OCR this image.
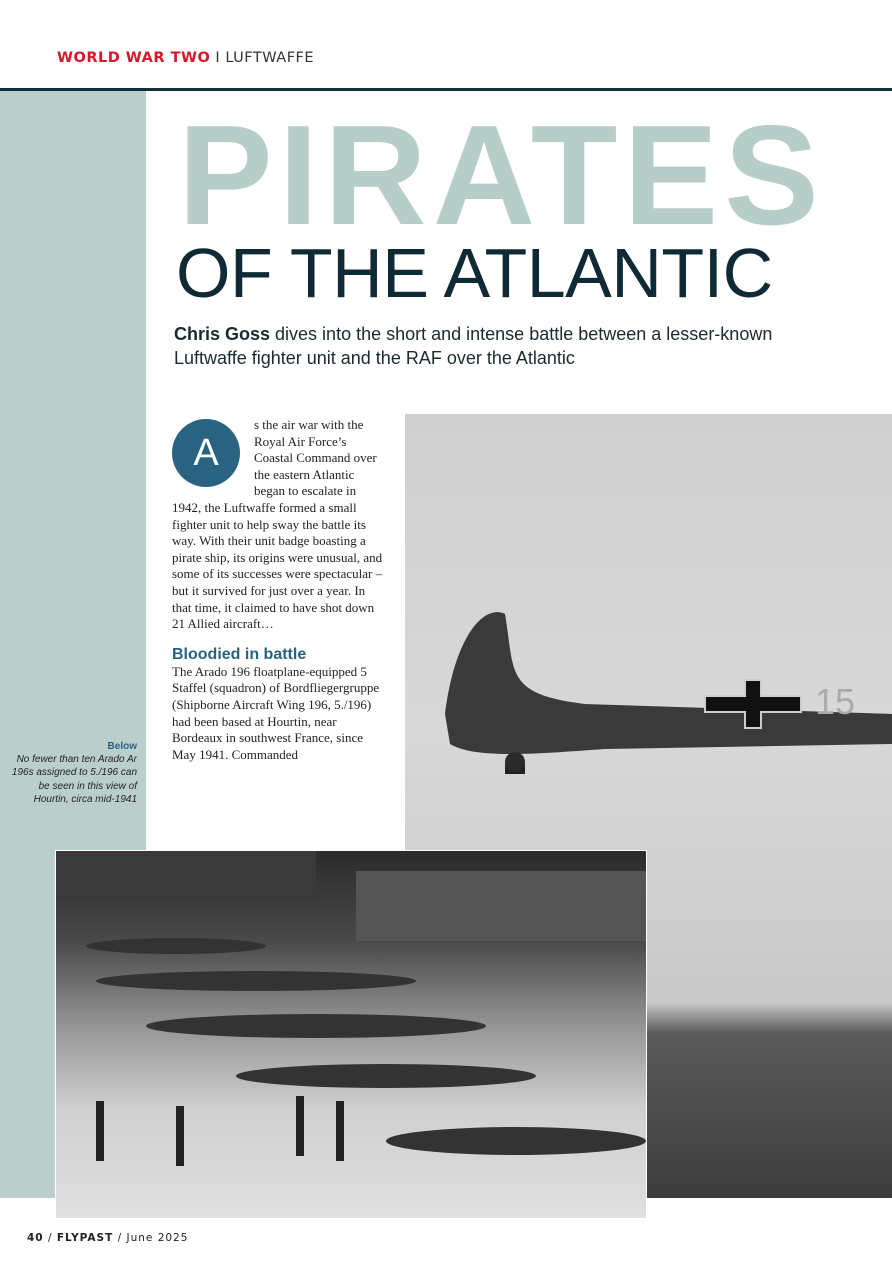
WORLD WAR TWO I LUFTWAFFE
PIRATES
OF THE ATLANTIC
Chris Goss dives into the short and intense battle between a lesser-known Luftwaffe fighter unit and the RAF over the Atlantic
15
A
s the air war with the Royal Air Force’s Coastal Command over the eastern Atlantic began to escalate in 1942, the Luftwaffe formed a small fighter unit to help sway the battle its way. With their unit badge boasting a pirate ship, its origins were unusual, and some of its successes were spectacular – but it survived for just over a year. In that time, it claimed to have shot down 21 Allied aircraft…
Bloodied in battle
The Arado 196 floatplane-equipped 5 Staffel (squadron) of Bordfliegergruppe (Shipborne Aircraft Wing 196, 5./196) had been based at Hourtin, near Bordeaux in southwest France, since May 1941. Commanded
Below
No fewer than ten Arado Ar 196s assigned to 5./196 can be seen in this view of Hourtin, circa mid-1941
40 / FLYPAST / June 2025
